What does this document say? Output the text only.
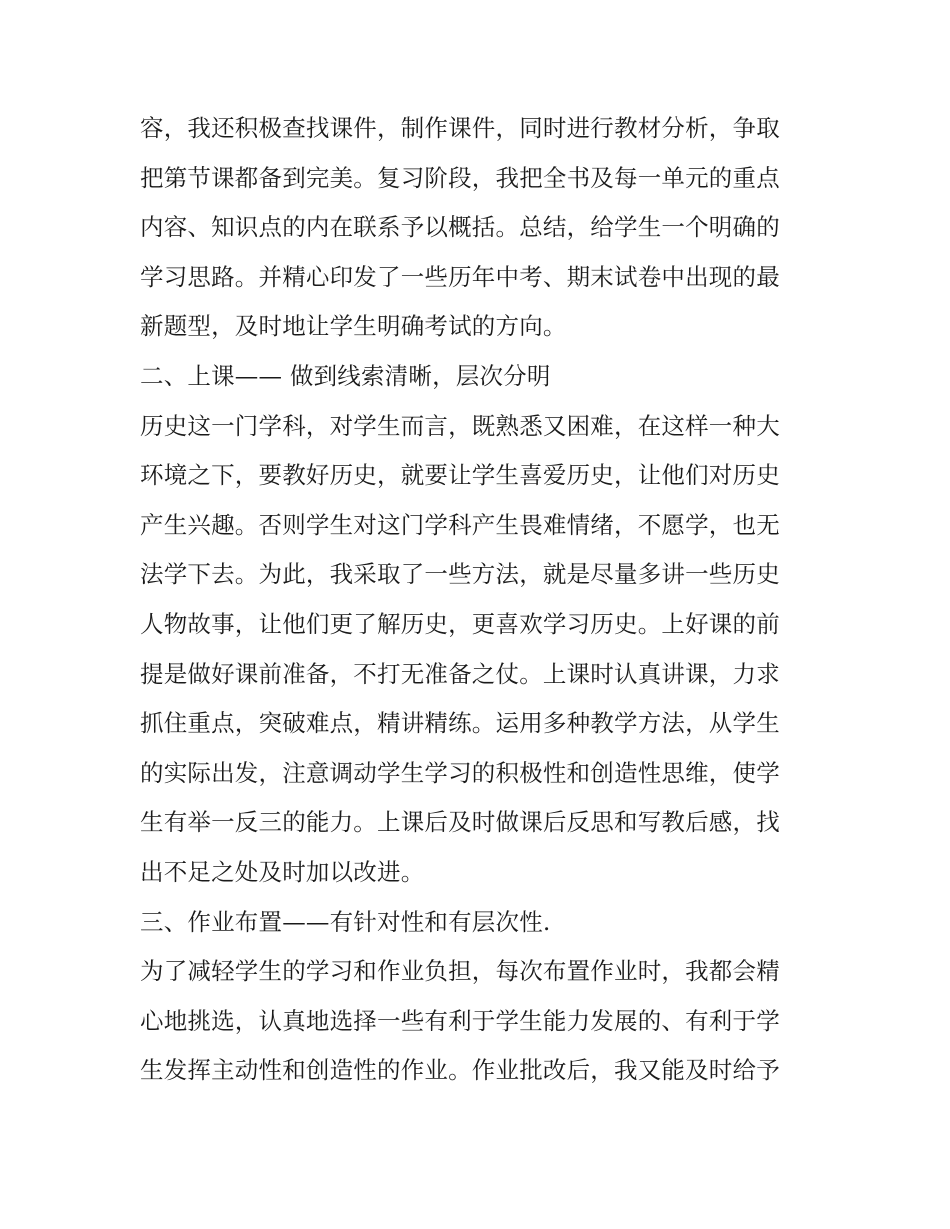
容，我还积极查找课件，制作课件，同时进行教材分析，争取
把第节课都备到完美。复习阶段，我把全书及每一单元的重点
内容、知识点的内在联系予以概括。总结，给学生一个明确的
学习思路。并精心印发了一些历年中考、期末试卷中出现的最
新题型，及时地让学生明确考试的方向。
二、上课—— 做到线索清晰，层次分明
历史这一门学科，对学生而言，既熟悉又困难，在这样一种大
环境之下，要教好历史，就要让学生喜爱历史，让他们对历史
产生兴趣。否则学生对这门学科产生畏难情绪，不愿学，也无
法学下去。为此，我采取了一些方法，就是尽量多讲一些历史
人物故事，让他们更了解历史，更喜欢学习历史。上好课的前
提是做好课前准备，不打无准备之仗。上课时认真讲课，力求
抓住重点，突破难点，精讲精练。运用多种教学方法，从学生
的实际出发，注意调动学生学习的积极性和创造性思维，使学
生有举一反三的能力。上课后及时做课后反思和写教后感，找
出不足之处及时加以改进。
三、作业布置——有针对性和有层次性.
为了减轻学生的学习和作业负担，每次布置作业时，我都会精
心地挑选，认真地选择一些有利于学生能力发展的、有利于学
生发挥主动性和创造性的作业。作业批改后，我又能及时给予
